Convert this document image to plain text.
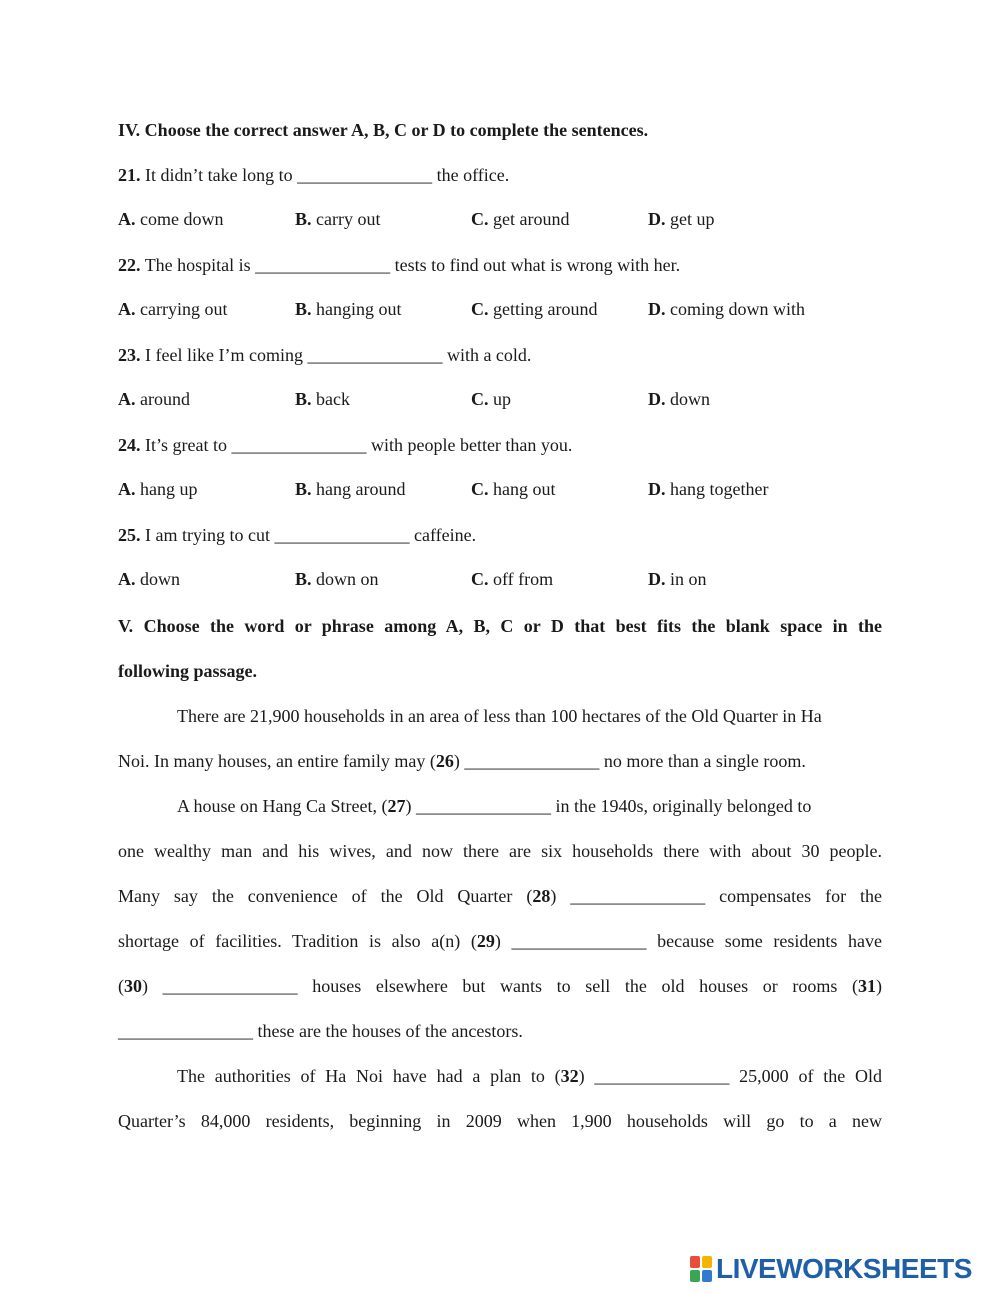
IV. Choose the correct answer A, B, C or D to complete the sentences.
21. It didn’t take long to _______________ the office.
A. come down	B. carry out	C. get around	D. get up
22. The hospital is _______________ tests to find out what is wrong with her.
A. carrying out	B. hanging out	C. getting around	D. coming down with
23. I feel like I’m coming _______________ with a cold.
A. around	B. back	C. up	D. down
24. It’s great to _______________ with people better than you.
A. hang up	B. hang around	C. hang out	D. hang together
25. I am trying to cut _______________ caffeine.
A. down	B. down on	C. off from	D. in on
V. Choose the word or phrase among A, B, C or D that best fits the blank space in the
following passage.
There are 21,900 households in an area of less than 100 hectares of the Old Quarter in Ha
Noi. In many houses, an entire family may (26) _______________ no more than a single room.
A house on Hang Ca Street, (27) _______________ in the 1940s, originally belonged to
one wealthy man and his wives, and now there are six households there with about 30 people.
Many say the convenience of the Old Quarter (28) _______________ compensates for the
shortage of facilities. Tradition is also a(n) (29) _______________ because some residents have
(30) _______________ houses elsewhere but wants to sell the old houses or rooms (31)
_______________ these are the houses of the ancestors.
The authorities of Ha Noi have had a plan to (32) _______________ 25,000 of the Old
Quarter’s 84,000 residents, beginning in 2009 when 1,900 households will go to a new
LIVEWORKSHEETS
